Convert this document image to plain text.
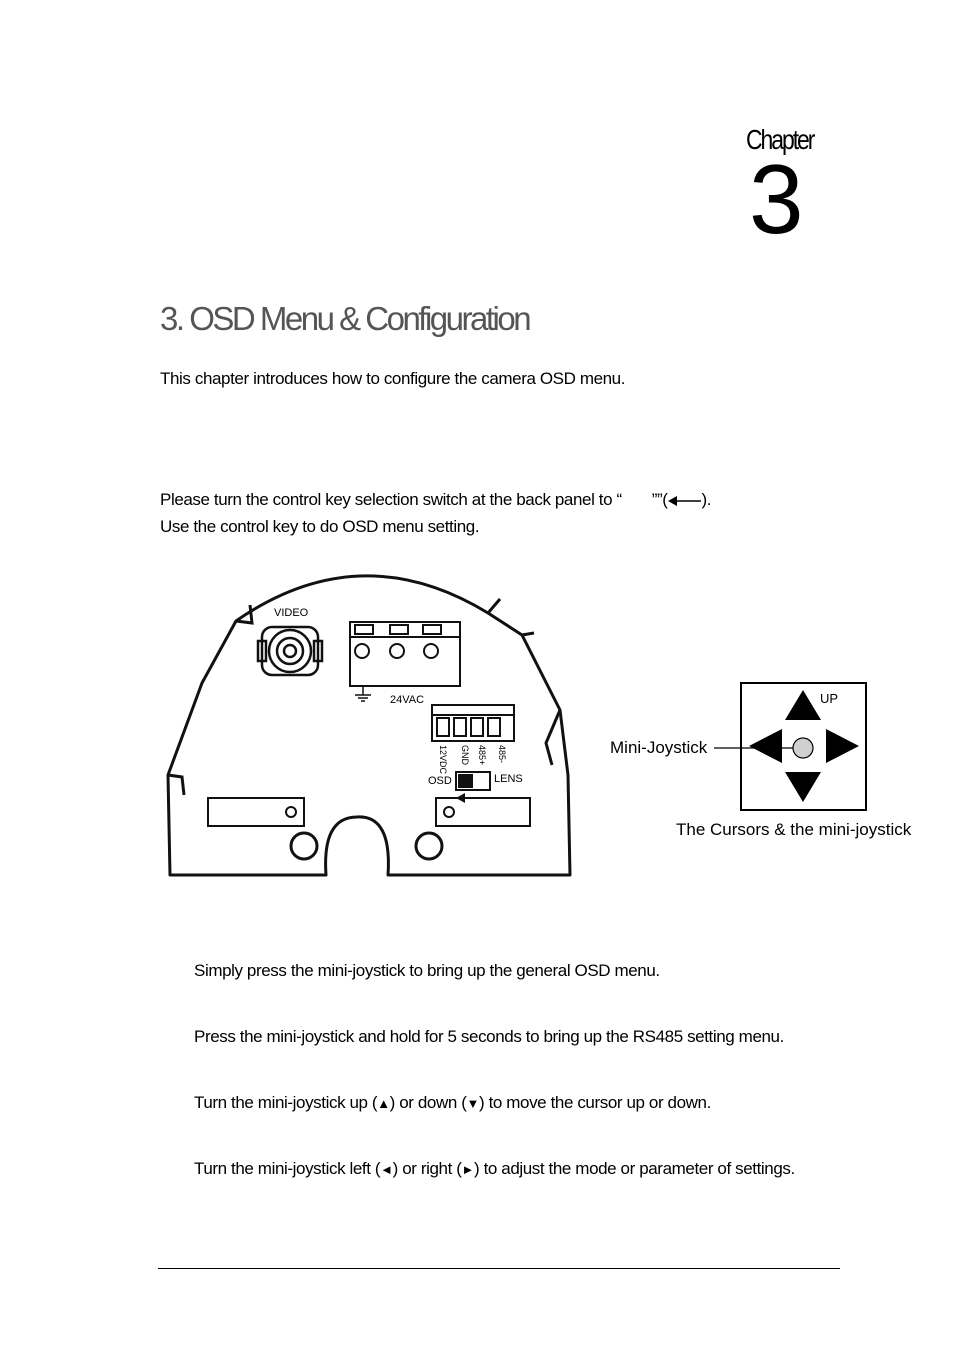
Chapter
3
3. OSD Menu & Configuration
This chapter introduces how to configure the camera OSD menu.
Please turn the control key selection switch at the back panel to “ ””( ).
Use the control key to do OSD menu setting.
VIDEO
24VAC
12VDC GND 485+ 485-
OSD	LENS
Mini-Joystick
UP
The Cursors & the mini-joystick
Simply press the mini-joystick to bring up the general OSD menu.
Press the mini-joystick and hold for 5 seconds to bring up the RS485 setting menu.
Turn the mini-joystick up (▲) or down (▼) to move the cursor up or down.
Turn the mini-joystick left (◄) or right (►) to adjust the mode or parameter of settings.
